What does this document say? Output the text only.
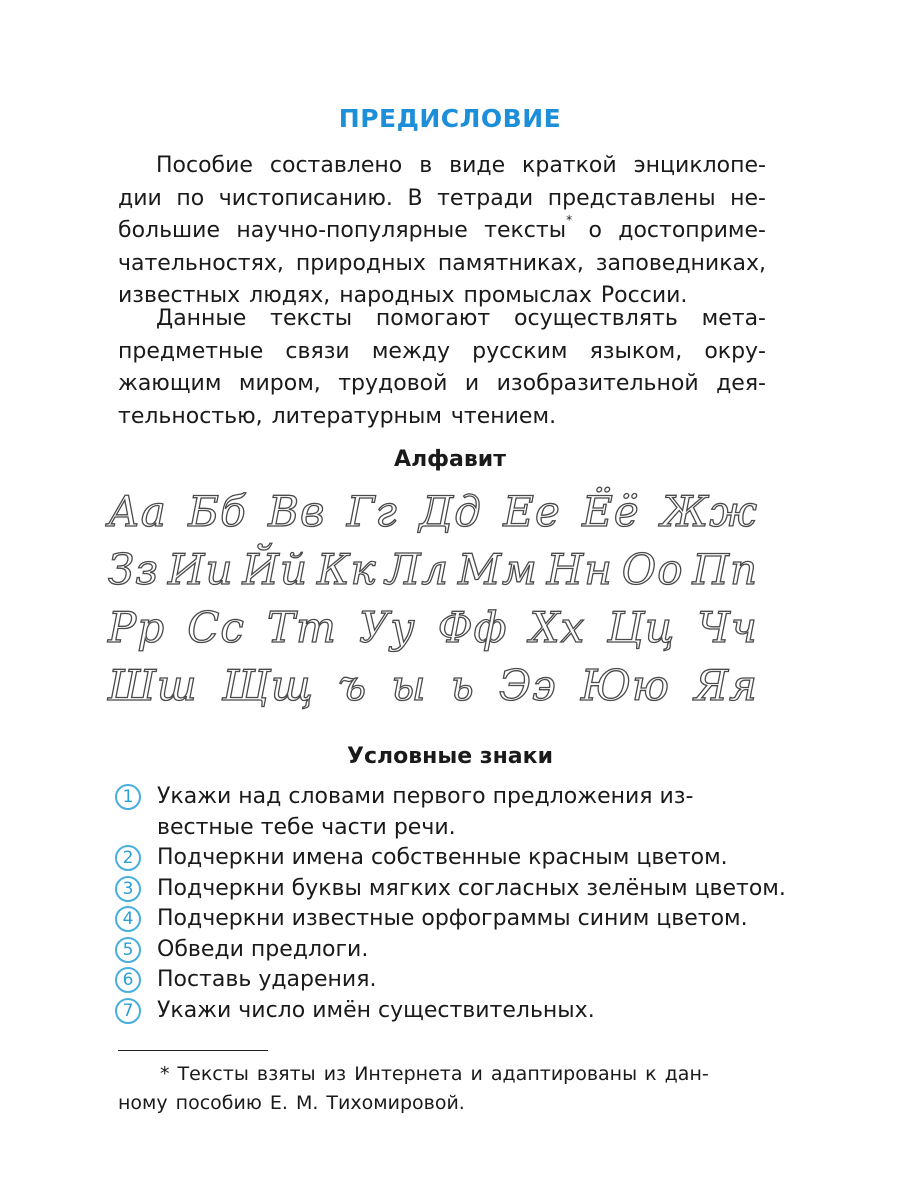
ПРЕДИСЛОВИЕ
Пособие составлено в виде краткой энциклопе-
дии по чистописанию. В тетради представлены не-
большие научно-популярные тексты* о достоприме-
чательностях, природных памятниках, заповедниках,
известных людях, народных промыслах России.
Данные тексты помогают осуществлять мета-
предметные связи между русским языком, окру-
жающим миром, трудовой и изобразительной дея-
тельностью, литературным чтением.
Алфавит
Аа Бб Вв Гг Дд Ее Ёё Жж
Зз Ии Йй Кк Лл Мм Нн Оо Пп
Рр Сс Тт Уу Фф Хх Цц Чч
Шш Щщ ъ ы ь Ээ Юю Яя
Условные знаки
1	Укажи над словами первого предложения из-
вестные тебе части речи.
2	Подчеркни имена собственные красным цветом.
3	Подчеркни буквы мягких согласных зелёным цветом.
4	Подчеркни известные орфограммы синим цветом.
5	Обведи предлоги.
6	Поставь ударения.
7	Укажи число имён существительных.
* Тексты взяты из Интернета и адаптированы к дан-
ному пособию Е. М. Тихомировой.
